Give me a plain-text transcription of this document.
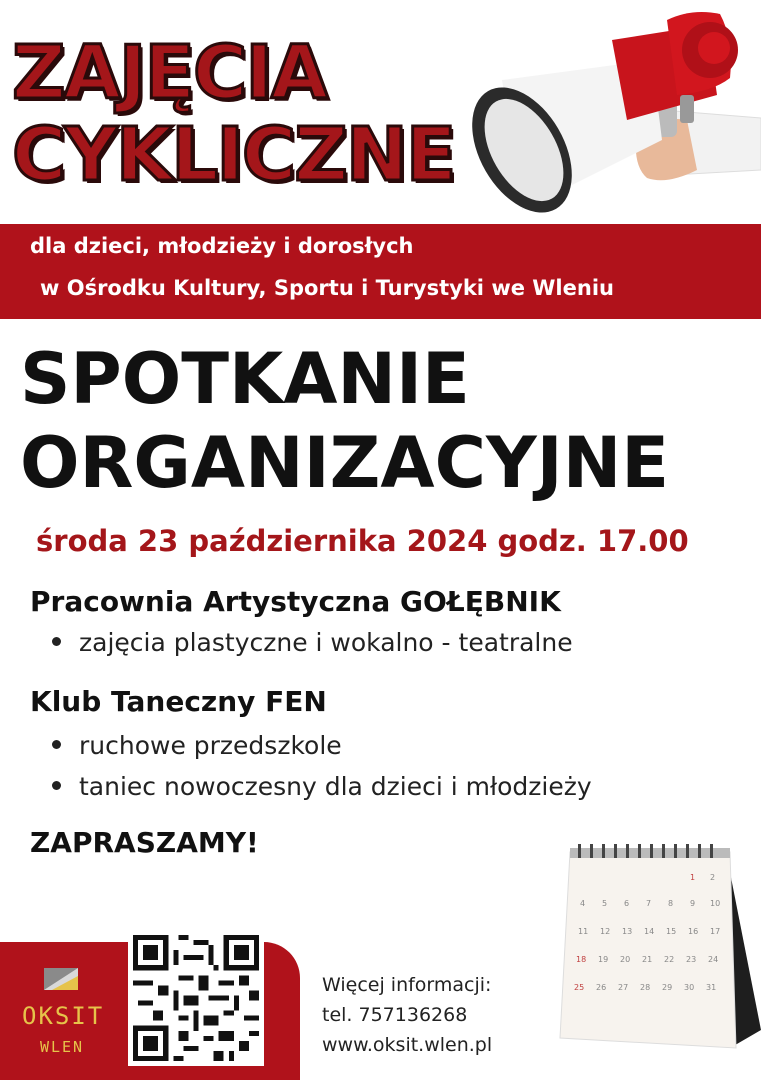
ZAJĘCIA
CYKLICZNE
dla dzieci, młodzieży i dorosłych
w Ośrodku Kultury, Sportu i Turystyki we Wleniu
SPOTKANIE
ORGANIZACYJNE
środa 23 października 2024 godz. 17.00
Pracownia Artystyczna GOŁĘBNIK
zajęcia plastyczne i wokalno - teatralne
Klub Taneczny FEN
ruchowe przedszkole
taniec nowoczesny dla dzieci i młodzieży
ZAPRASZAMY!
OKSIT
WLEN
Więcej informacji:
tel. 757136268
www.oksit.wlen.pl
4 5 6 7 8 9 10
11 12 13 14 15 16 17
18 19 20 21 22 23 24
25 26 27 28 29 30 31
1 2
